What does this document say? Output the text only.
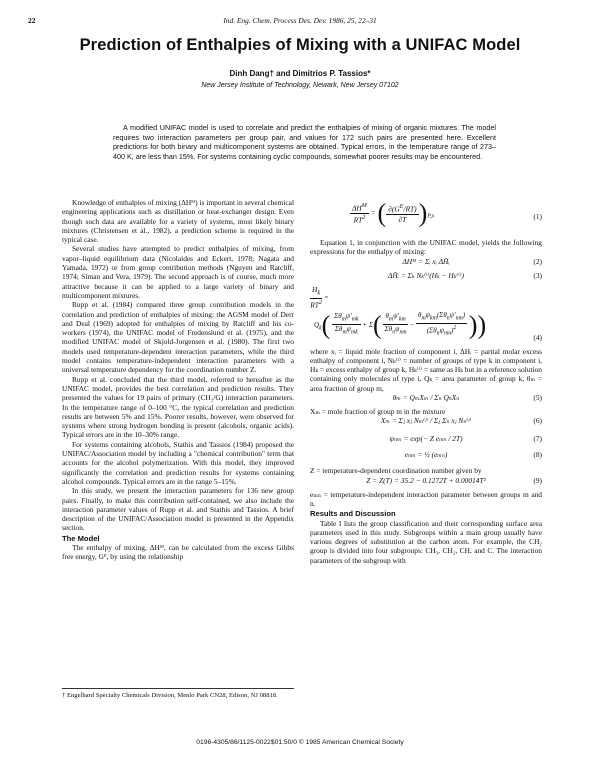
22	Ind. Eng. Chem. Process Des. Dev. 1986, 25, 22–31
Prediction of Enthalpies of Mixing with a UNIFAC Model
Dinh Dang† and Dimitrios P. Tassios*
New Jersey Institute of Technology, Newark, New Jersey 07102
A modified UNIFAC model is used to correlate and predict the enthalpies of mixing of organic mixtures. The model requires two interaction parameters per group pair, and values for 172 such pairs are presented here. Excellent predictions for both binary and multicomponent systems are obtained. Typical errors, in the temperature range of 273–400 K, are less than 15%. For systems containing cyclic compounds, somewhat poorer results may be encountered.

Knowledge of enthalpies of mixing (ΔHᴹ) is important in several chemical engineering applications such as distillation or heat-exchanger design. Even though such data are available for a variety of systems, most likely binary mixtures (Christensen et al., 1982), a prediction scheme is required in the typical case.

Several studies have attempted to predict enthalpies of mixing, from vapor–liquid equilibrium data (Nicolaides and Eckert, 1978; Nagata and Yamada, 1972) or from group contribution methods (Nguyen and Ratcliff, 1974; Siman and Vera, 1979). The second approach is of course, much more attractive because it can be applied to a large variety of binary and multicomponent mixtures.

Rupp et al. (1984) compared three group contribution models in the correlation and prediction of enthalpies of mixing: the AGSM model of Derr and Deal (1969) adopted for enthalpies of mixing by Ratcliff and his co-workers (1974), the UNIFAC model of Fredenslund et al. (1975), and the modified UNIFAC model of Skjold-Jorgensen et al. (1980). The first two models used temperature-dependent interaction parameters, while the third model contains temperature-independent interaction parameters with a universal temperature dependency for the coordination number Z.

Rupp et al. concluded that the third model, referred to hereafter as the UNIFAC model, provides the best correlation and prediction results. They presented the values for 19 pairs of primary (CH₂/G) interaction parameters. In the temperature range of 0–100 °C, the typical correlation and prediction results are between 5% and 15%. Poorer results, however, were observed for systems where strong hydrogen bonding is present (alcohols, organic acids). Typical errors are in the 10–30% range.

For systems containing alcohols, Stathis and Tassios (1984) proposed the UNIFAC/Association model by including a "chemical contribution" term that accounts for the alcohol polymerization. With this model, they improved significantly the correlation and prediction results for systems containing alcohol compounds. Typical errors are in the range 5–15%.

In this study, we present the interaction parameters for 136 new group pairs. Finally, to make this contribution self-contained, we also include the interaction parameter values of Rupp et al. and Stathis and Tassios. A brief description of the UNIFAC/Association model is presented in the Appendix section.

The Model

The enthalpy of mixing, ΔHᴹ, can be calculated from the excess Gibbs free energy, Gᴱ, by using the relationship

† Engelhard Specialty Chemicals Division, Menlo Park CN28, Edison, NJ 08818.
$\frac{\Delta H^M}{RT^2}$ = ( $\frac{\partial(G^E/RT)}{\partial T} )_{P,x}$	(1)

Equation 1, in conjunction with the UNIFAC model, yields the following expressions for the enthalpy of mixing:

ΔHᴹ = Σᵢ xᵢ ΔH̄ᵢ	(2)
ΔH̄ᵢ = Σₖ Nₖ⁽ⁱ⁾(Hₖ − Hₖ⁽ⁱ⁾)	(3)
$\frac{H_k}{RT^2}$ =
$Q_k( \frac{\Sigma\theta_m\psi'_{mk}}{\Sigma\theta_m\psi_{mk}} + \Sigma( \frac{\theta_m\psi'_{km}}{\Sigma\theta_n\psi_{nm}} - \frac{\theta_m\psi_{km}(\Sigma\theta_n\psi'_{nm})}{(\Sigma\theta_n\psi_{nm})^2}$ ))	(4)

where xᵢ = liquid mole fraction of component i, ΔHᵢ = partial molar excess enthalpy of component i, Nₖ⁽ⁱ⁾ = number of groups of type k in component i, Hₖ = excess enthalpy of group k, Hₖ⁽ⁱ⁾ = same as Hₖ but in a reference solution containing only molecules of type i, Qₖ = area parameter of group k, θₘ = area fraction of group m,

θₘ = QₘXₘ / Σₙ QₙXₙ	(5)

Xₘ = mole fraction of group m in the mixture

Xₘ = Σⱼ xⱼ Nₘ⁽ʲ⁾ / Σⱼ Σₙ xⱼ Nₙ⁽ʲ⁾	(6)
ψₙₘ = exp(− Z eₙₘ / 2T)	(7)
eₙₘ = ½ (eₘₙ)	(8)

Z = temperature-dependent coordination number given by

Z = Z(T) = 35.2 − 0.1272T + 0.00014T²	(9)

eₘₙ = temperature-independent interaction parameter between groups m and n.

Results and Discussion

Table I lists the group classification and their corresponding surface area parameters used in this study. Subgroups within a main group usually have various degrees of substitution at the carbon atom. For example, the CH₂ group is divided into four subgroups: CH₃, CH₂, CH, and C. The interaction parameters of the subgroup with

0196-4305/86/1125-0022$01.50/0 © 1985 American Chemical Society
